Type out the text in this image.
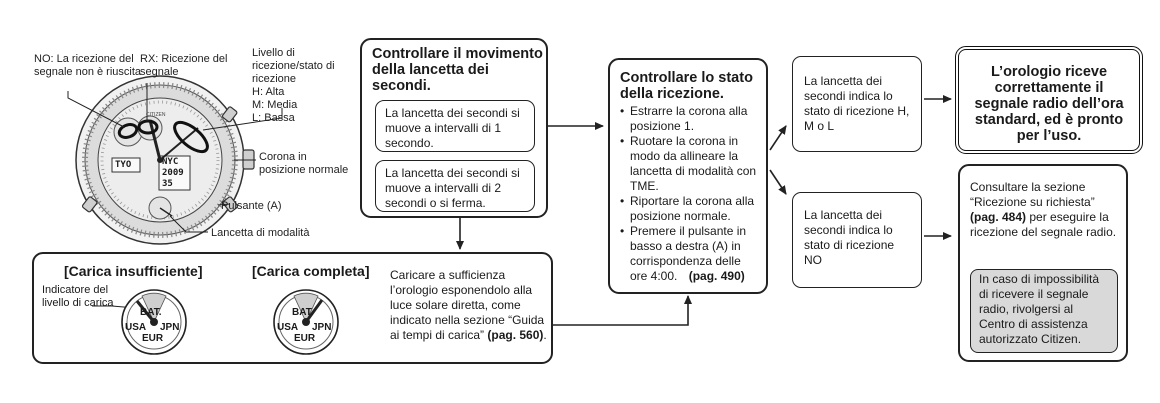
CITIZEN
TYO	NYC
2009
35
NO: La ricezione del segnale non è riuscita
RX: Ricezione del segnale
Livello di ricezione/stato di ricezione
H: Alta
M: Media
L: Bassa
Corona in posizione normale
Pulsante (A)
Lancetta di modalità
Controllare il movimento della lancetta dei secondi.
La lancetta dei secondi si muove a intervalli di 1 secondo.
La lancetta dei secondi si muove a intervalli di 2 secondi o si ferma.
[Carica insufficiente]	[Carica completa]
Indicatore del livello di carica
Caricare a sufficienza l’orologio esponendolo alla luce solare diretta, come indicato nella sezione “Guida ai tempi di carica” (pag. 560).
BAT.
USA JPN
EUR
BAT.
USA JPN
EUR
Controllare lo stato della ricezione.
• Estrarre la corona alla posizione 1.
• Ruotare la corona in modo da allineare la lancetta di modalità con TME.
• Riportare la corona alla posizione normale.
• Premere il pulsante in basso a destra (A) in corrispondenza delle ore 4:00. (pag. 490)
La lancetta dei secondi indica lo stato di ricezione H, M o L
La lancetta dei secondi indica lo stato di ricezione NO
L’orologio riceve correttamente il segnale radio dell’ora standard, ed è pronto per l’uso.
Consultare la sezione “Ricezione su richiesta” (pag. 484) per eseguire la ricezione del segnale radio.
In caso di impossibilità di ricevere il segnale radio, rivolgersi al Centro di assistenza autorizzato Citizen.
